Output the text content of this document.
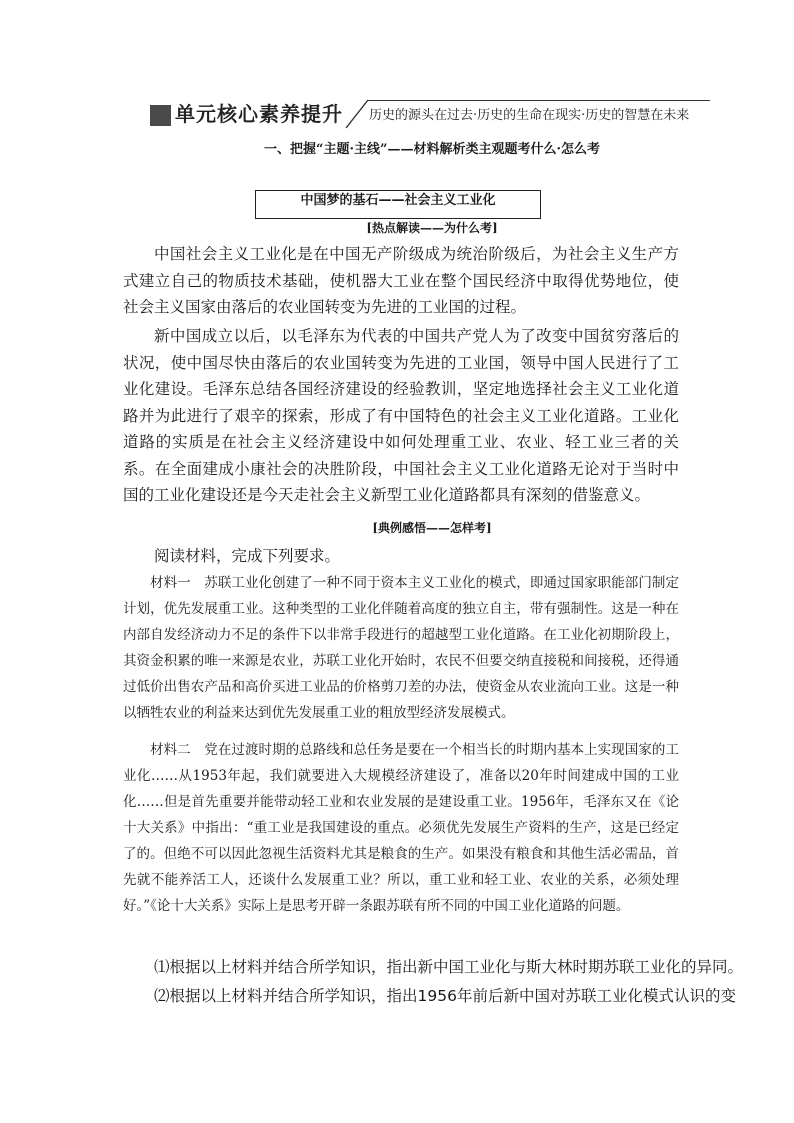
单元核心素养提升 历史的源头在过去·历史的生命在现实·历史的智慧在未来
一、把握“主题·主线”——材料解析类主观题考什么·怎么考
中国梦的基石——社会主义工业化
[热点解读——为什么考]

中国社会主义工业化是在中国无产阶级成为统治阶级后，为社会主义生产方式建立自己的物质技术基础，使机器大工业在整个国民经济中取得优势地位，使社会主义国家由落后的农业国转变为先进的工业国的过程。

新中国成立以后，以毛泽东为代表的中国共产党人为了改变中国贫穷落后的状况，使中国尽快由落后的农业国转变为先进的工业国，领导中国人民进行了工业化建设。毛泽东总结各国经济建设的经验教训，坚定地选择社会主义工业化道路并为此进行了艰辛的探索，形成了有中国特色的社会主义工业化道路。工业化道路的实质是在社会主义经济建设中如何处理重工业、农业、轻工业三者的关系。在全面建成小康社会的决胜阶段，中国社会主义工业化道路无论对于当时中国的工业化建设还是今天走社会主义新型工业化道路都具有深刻的借鉴意义。

[典例感悟——怎样考]

阅读材料，完成下列要求。

材料一　苏联工业化创建了一种不同于资本主义工业化的模式，即通过国家职能部门制定计划，优先发展重工业。这种类型的工业化伴随着高度的独立自主，带有强制性。这是一种在内部自发经济动力不足的条件下以非常手段进行的超越型工业化道路。在工业化初期阶段上，其资金积累的唯一来源是农业，苏联工业化开始时，农民不但要交纳直接税和间接税，还得通过低价出售农产品和高价买进工业品的价格剪刀差的办法，使资金从农业流向工业。这是一种以牺牲农业的利益来达到优先发展重工业的粗放型经济发展模式。

材料二　党在过渡时期的总路线和总任务是要在一个相当长的时期内基本上实现国家的工业化……从1953年起，我们就要进入大规模经济建设了，准备以20年时间建成中国的工业化……但是首先重要并能带动轻工业和农业发展的是建设重工业。1956年，毛泽东又在《论十大关系》中指出：“重工业是我国建设的重点。必须优先发展生产资料的生产，这是已经定了的。但绝不可以因此忽视生活资料尤其是粮食的生产。如果没有粮食和其他生活必需品，首先就不能养活工人，还谈什么发展重工业？所以，重工业和轻工业、农业的关系，必须处理好。”《论十大关系》实际上是思考开辟一条跟苏联有所不同的中国工业化道路的问题。

⑴根据以上材料并结合所学知识，指出新中国工业化与斯大林时期苏联工业化的异同。

⑵根据以上材料并结合所学知识，指出1956年前后新中国对苏联工业化模式认识的变
